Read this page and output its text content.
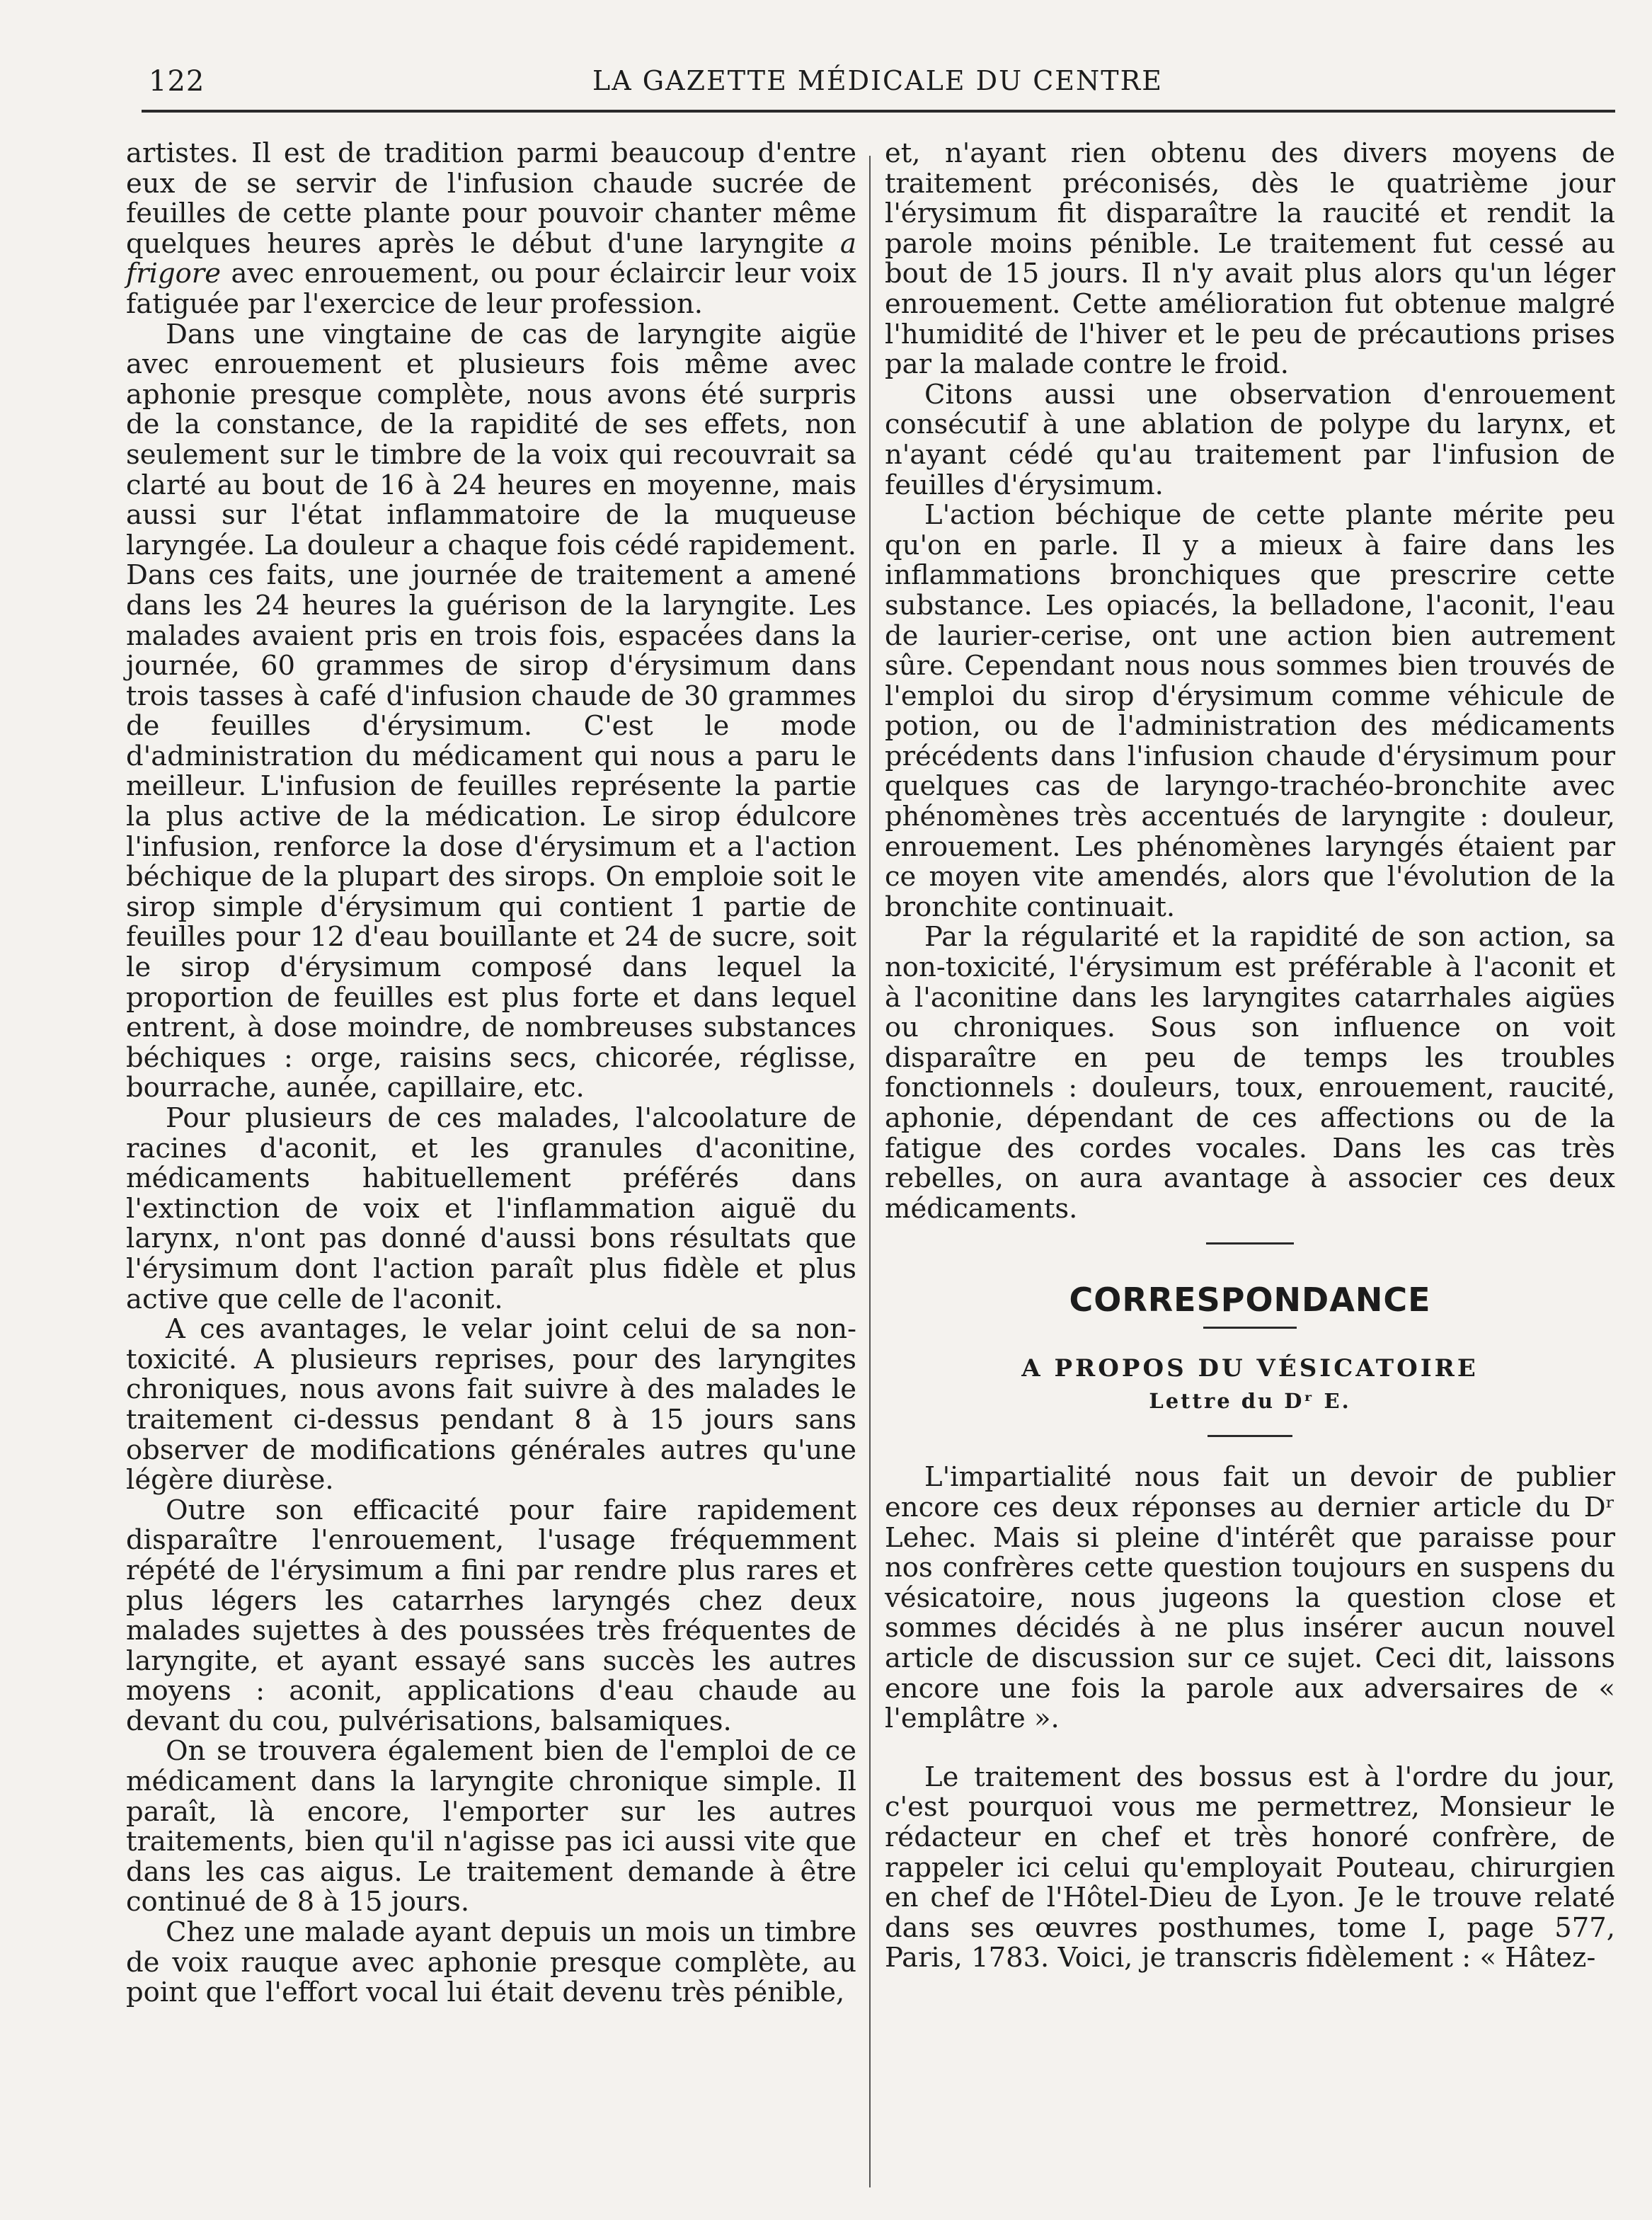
122	LA GAZETTE MÉDICALE DU CENTRE

artistes. Il est de tradition parmi beaucoup d'entre eux de se servir de l'infusion chaude sucrée de feuilles de cette plante pour pouvoir chanter même quelques heures après le début d'une laryngite a frigore avec enrouement, ou pour éclaircir leur voix fatiguée par l'exercice de leur profession.

Dans une vingtaine de cas de laryngite aigüe avec enrouement et plusieurs fois même avec aphonie presque complète, nous avons été surpris de la constance, de la rapidité de ses effets, non seulement sur le timbre de la voix qui recouvrait sa clarté au bout de 16 à 24 heures en moyenne, mais aussi sur l'état inflammatoire de la muqueuse laryngée. La douleur a chaque fois cédé rapidement. Dans ces faits, une journée de traitement a amené dans les 24 heures la guérison de la laryngite. Les malades avaient pris en trois fois, espacées dans la journée, 60 grammes de sirop d'érysimum dans trois tasses à café d'infusion chaude de 30 grammes de feuilles d'érysimum. C'est le mode d'administration du médicament qui nous a paru le meilleur. L'infusion de feuilles représente la partie la plus active de la médication. Le sirop édulcore l'infusion, renforce la dose d'érysimum et a l'action béchique de la plupart des sirops. On emploie soit le sirop simple d'érysimum qui contient 1 partie de feuilles pour 12 d'eau bouillante et 24 de sucre, soit le sirop d'érysimum composé dans lequel la proportion de feuilles est plus forte et dans lequel entrent, à dose moindre, de nombreuses substances béchiques : orge, raisins secs, chicorée, réglisse, bourrache, aunée, capillaire, etc.

Pour plusieurs de ces malades, l'alcoolature de racines d'aconit, et les granules d'aconitine, médicaments habituellement préférés dans l'extinction de voix et l'inflammation aiguë du larynx, n'ont pas donné d'aussi bons résultats que l'érysimum dont l'action paraît plus fidèle et plus active que celle de l'aconit.

A ces avantages, le velar joint celui de sa non-toxicité. A plusieurs reprises, pour des laryngites chroniques, nous avons fait suivre à des malades le traitement ci-dessus pendant 8 à 15 jours sans observer de modifications générales autres qu'une légère diurèse.

Outre son efficacité pour faire rapidement disparaître l'enrouement, l'usage fréquemment répété de l'érysimum a fini par rendre plus rares et plus légers les catarrhes laryngés chez deux malades sujettes à des poussées très fréquentes de laryngite, et ayant essayé sans succès les autres moyens : aconit, applications d'eau chaude au devant du cou, pulvérisations, balsamiques.

On se trouvera également bien de l'emploi de ce médicament dans la laryngite chronique simple. Il paraît, là encore, l'emporter sur les autres traitements, bien qu'il n'agisse pas ici aussi vite que dans les cas aigus. Le traitement demande à être continué de 8 à 15 jours.

Chez une malade ayant depuis un mois un timbre de voix rauque avec aphonie presque complète, au point que l'effort vocal lui était devenu très pénible,

et, n'ayant rien obtenu des divers moyens de traitement préconisés, dès le quatrième jour l'érysimum fit disparaître la raucité et rendit la parole moins pénible. Le traitement fut cessé au bout de 15 jours. Il n'y avait plus alors qu'un léger enrouement. Cette amélioration fut obtenue malgré l'humidité de l'hiver et le peu de précautions prises par la malade contre le froid.

Citons aussi une observation d'enrouement consécutif à une ablation de polype du larynx, et n'ayant cédé qu'au traitement par l'infusion de feuilles d'érysimum.

L'action béchique de cette plante mérite peu qu'on en parle. Il y a mieux à faire dans les inflammations bronchiques que prescrire cette substance. Les opiacés, la belladone, l'aconit, l'eau de laurier-cerise, ont une action bien autrement sûre. Cependant nous nous sommes bien trouvés de l'emploi du sirop d'érysimum comme véhicule de potion, ou de l'administration des médicaments précédents dans l'infusion chaude d'érysimum pour quelques cas de laryngo-trachéo-bronchite avec phénomènes très accentués de laryngite : douleur, enrouement. Les phénomènes laryngés étaient par ce moyen vite amendés, alors que l'évolution de la bronchite continuait.

Par la régularité et la rapidité de son action, sa non-toxicité, l'érysimum est préférable à l'aconit et à l'aconitine dans les laryngites catarrhales aigües ou chroniques. Sous son influence on voit disparaître en peu de temps les troubles fonctionnels : douleurs, toux, enrouement, raucité, aphonie, dépendant de ces affections ou de la fatigue des cordes vocales. Dans les cas très rebelles, on aura avantage à associer ces deux médicaments.

CORRESPONDANCE
A PROPOS DU VÉSICATOIRE
Lettre du Dʳ E.

L'impartialité nous fait un devoir de publier encore ces deux réponses au dernier article du Dʳ Lehec. Mais si pleine d'intérêt que paraisse pour nos confrères cette question toujours en suspens du vésicatoire, nous jugeons la question close et sommes décidés à ne plus insérer aucun nouvel article de discussion sur ce sujet. Ceci dit, laissons encore une fois la parole aux adversaires de « l'emplâtre ».

Le traitement des bossus est à l'ordre du jour, c'est pourquoi vous me permettrez, Monsieur le rédacteur en chef et très honoré confrère, de rappeler ici celui qu'employait Pouteau, chirurgien en chef de l'Hôtel-Dieu de Lyon. Je le trouve relaté dans ses œuvres posthumes, tome I, page 577, Paris, 1783. Voici, je transcris fidèlement : « Hâtez-
